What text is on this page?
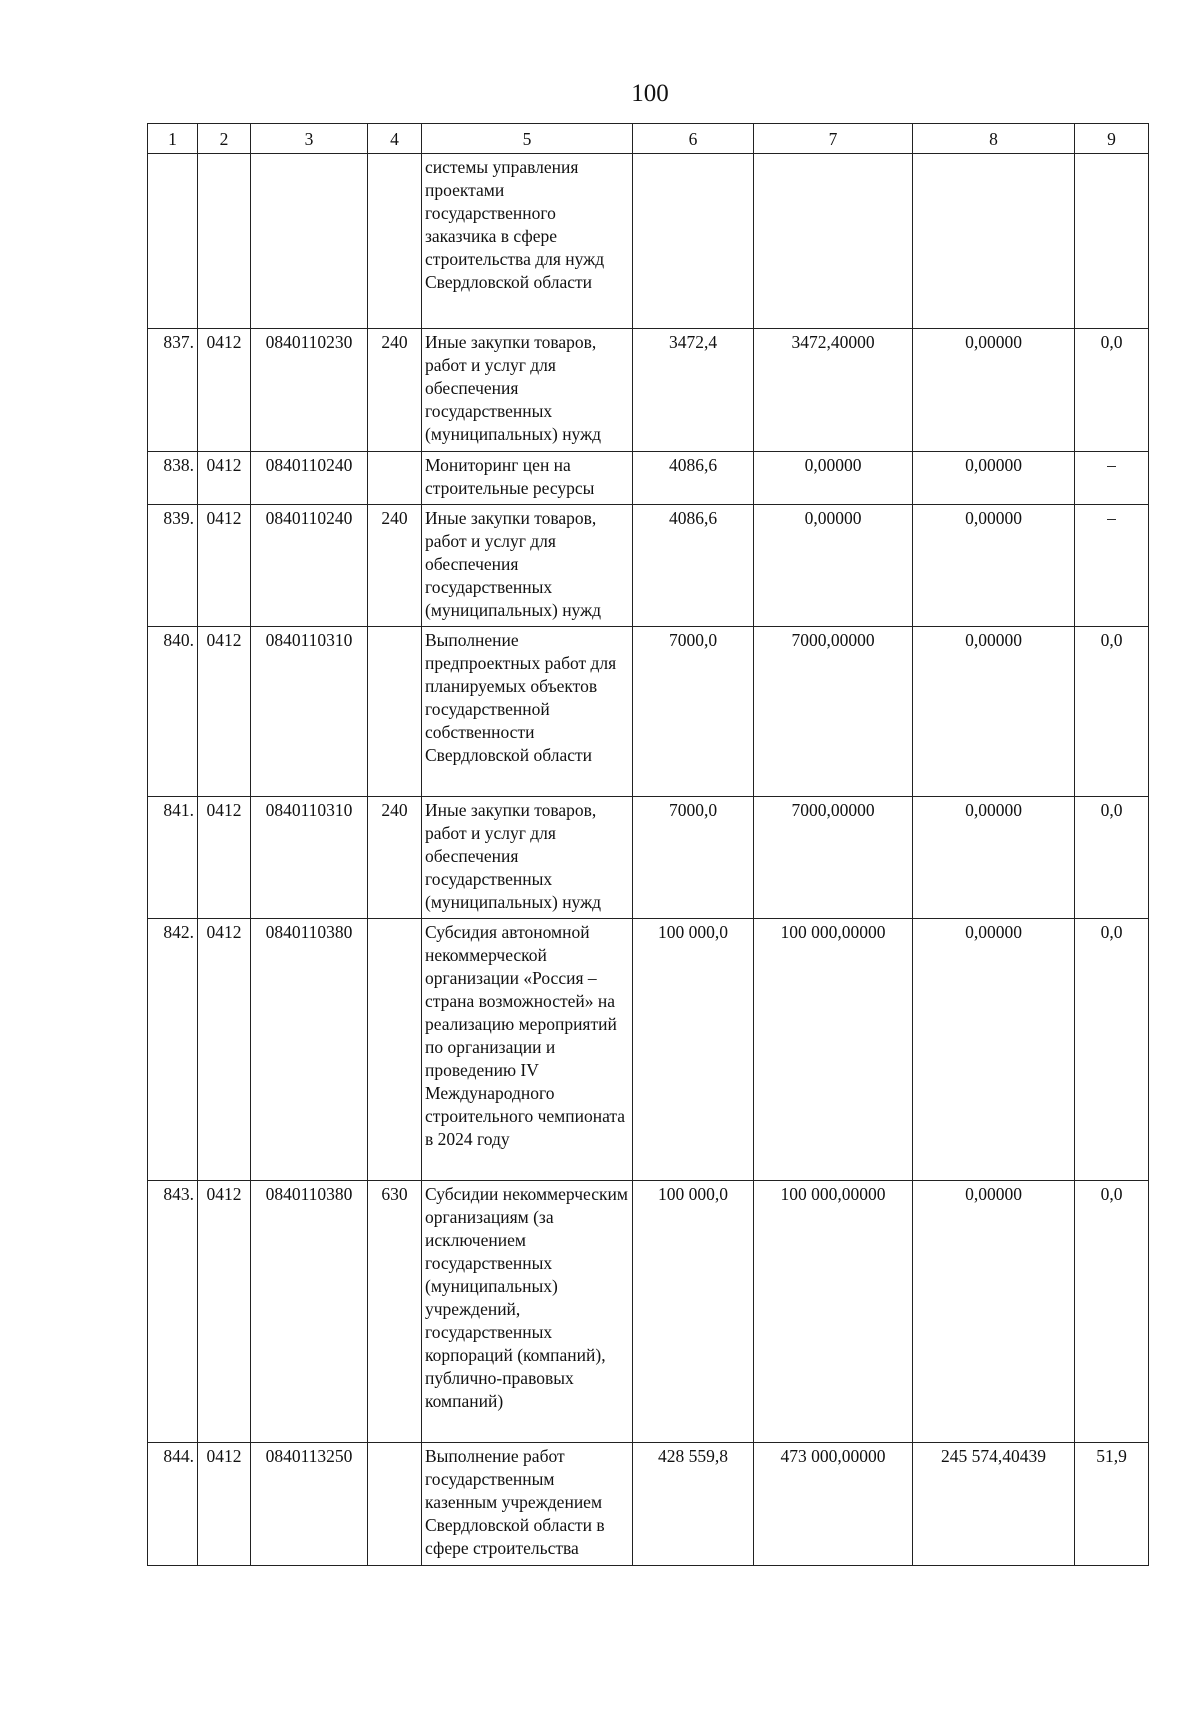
100
1	2	3	4	5	6	7	8	9
				системы управления проектами государственного заказчика в сфере строительства для нужд Свердловской области				
837.	0412	0840110230	240	Иные закупки товаров, работ и услуг для обеспечения государственных (муниципальных) нужд	3472,4	3472,40000	0,00000	0,0
838.	0412	0840110240		Мониторинг цен на строительные ресурсы	4086,6	0,00000	0,00000	–
839.	0412	0840110240	240	Иные закупки товаров, работ и услуг для обеспечения государственных (муниципальных) нужд	4086,6	0,00000	0,00000	–
840.	0412	0840110310		Выполнение предпроектных работ для планируемых объектов государственной собственности Свердловской области	7000,0	7000,00000	0,00000	0,0
841.	0412	0840110310	240	Иные закупки товаров, работ и услуг для обеспечения государственных (муниципальных) нужд	7000,0	7000,00000	0,00000	0,0
842.	0412	0840110380		Субсидия автономной некоммерческой организации «Россия – страна возможностей» на реализацию мероприятий по организации и проведению IV Международного строительного чемпионата в 2024 году	100 000,0	100 000,00000	0,00000	0,0
843.	0412	0840110380	630	Субсидии некоммерческим организациям (за исключением государственных (муниципальных) учреждений, государственных корпораций (компаний), публично-правовых компаний)	100 000,0	100 000,00000	0,00000	0,0
844.	0412	0840113250		Выполнение работ государственным казенным учреждением Свердловской области в сфере строительства	428 559,8	473 000,00000	245 574,40439	51,9
